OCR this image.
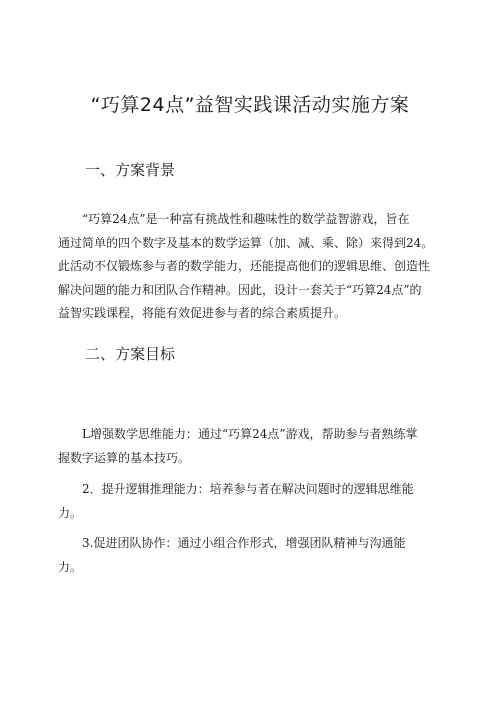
“巧算24点”益智实践课活动实施方案
一、方案背景
“巧算24点”是一种富有挑战性和趣味性的数学益智游戏，旨在
通过简单的四个数字及基本的数学运算（加、减、乘、除）来得到24。
此活动不仅锻炼参与者的数学能力，还能提高他们的逻辑思维、创造性
解决问题的能力和团队合作精神。因此，设计一套关于“巧算24点”的
益智实践课程，将能有效促进参与者的综合素质提升。
二、方案目标
L增强数学思维能力：通过“巧算24点”游戏，帮助参与者熟练掌
握数字运算的基本技巧。
2．提升逻辑推理能力：培养参与者在解决问题时的逻辑思维能
力。
3.促进团队协作：通过小组合作形式，增强团队精神与沟通能
力。
